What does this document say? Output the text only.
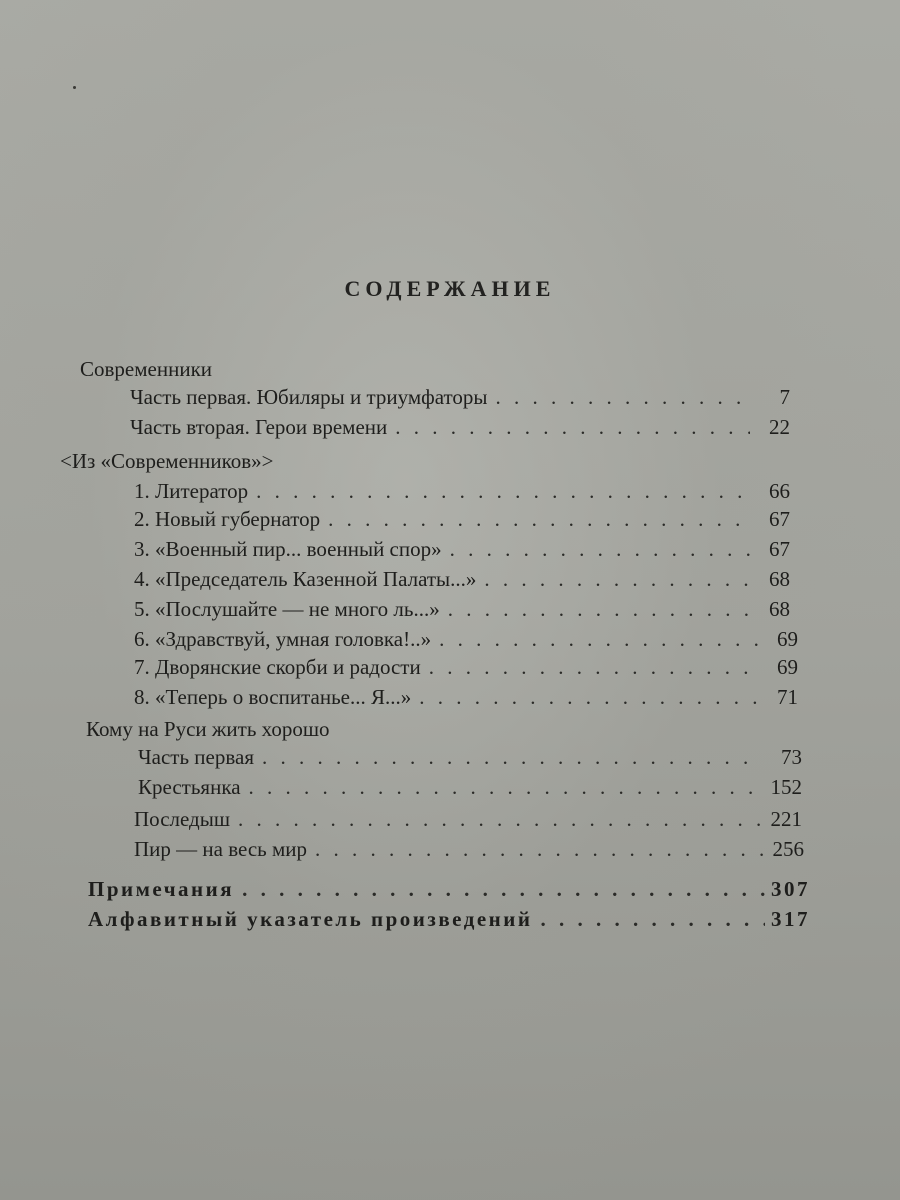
СОДЕРЖАНИЕ
Современники
Часть первая. Юбиляры и триумфаторы . . .	7
Часть вторая. Герои времени . . .	22
<Из «Современников»>
1. Литератор . . .	66
2. Новый губернатор . . .	67
3. «Военный пир... военный спор» . . .	67
4. «Председатель Казенной Палаты...» . . .	68
5. «Послушайте — не много ль...» . . .	68
6. «Здравствуй, умная головка!..» . . .	69
7. Дворянские скорби и радости . . .	69
8. «Теперь о воспитанье... Я...» . . .	71
Кому на Руси жить хорошо
Часть первая . . .	73
Крестьянка . . .	152
Последыш . . .	221
Пир — на весь мир . . .	256
Примечания . . .	307
Алфавитный указатель произведений . . .	317
